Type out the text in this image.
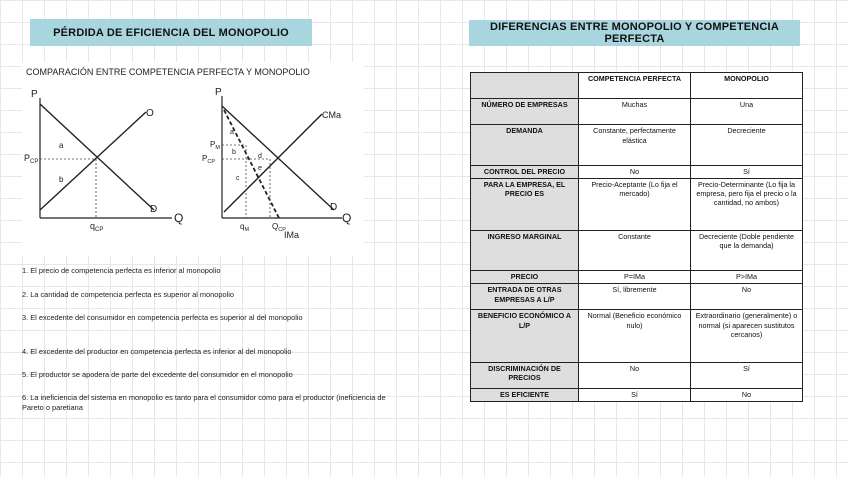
PÉRDIDA DE EFICIENCIA DEL MONOPOLIO	DIFERENCIAS ENTRE MONOPOLIO Y COMPETENCIA PERFECTA
COMPARACIÓN ENTRE COMPETENCIA PERFECTA Y MONOPOLIO
P
Q
O
D
$P_{CP}$
$q_{CP}$
a
b
P
Q
CMa
D
IMa
$P_M$
$P_{CP}$
$q_M$	$Q_{CP}$
a
b
c
d
e

1. El precio de competencia perfecta es inferior al monopolio

2. La cantidad de competencia perfecta es superior al monopolio

3. El excedente del consumidor en competencia perfecta es superior al del monopolio

4. El excedente del productor en competencia perfecta es inferior al del monopolio

5. El productor se apodera de parte del excedente del consumidor en el monopolio

6. La ineficiencia del sistema en monopolio es tanto para el consumidor como para el productor (ineficiencia de Pareto o paretiana

	COMPETENCIA PERFECTA	MONOPOLIO
NÚMERO DE EMPRESAS	Muchas	Una
DEMANDA	Constante, perfectamente elástica	Decreciente
CONTROL DEL PRECIO	No	Sí
PARA LA EMPRESA, EL PRECIO ES	Precio-Aceptante (Lo fija el mercado)	Precio-Determinante (Lo fija la empresa, pero fija el precio o la cantidad, no ambos)
INGRESO MARGINAL	Constante	Decreciente (Doble pendiente que la demanda)
PRECIO	P=IMa	P>IMa
ENTRADA DE OTRAS EMPRESAS A L/P	Sí, libremente	No
BENEFICIO ECONÓMICO A L/P	Normal (Beneficio económico nulo)	Extraordinario (generalmente) o normal (si aparecen sustitutos cercanos)
DISCRIMINACIÓN DE PRECIOS	No	Sí
ES EFICIENTE	Sí	No
